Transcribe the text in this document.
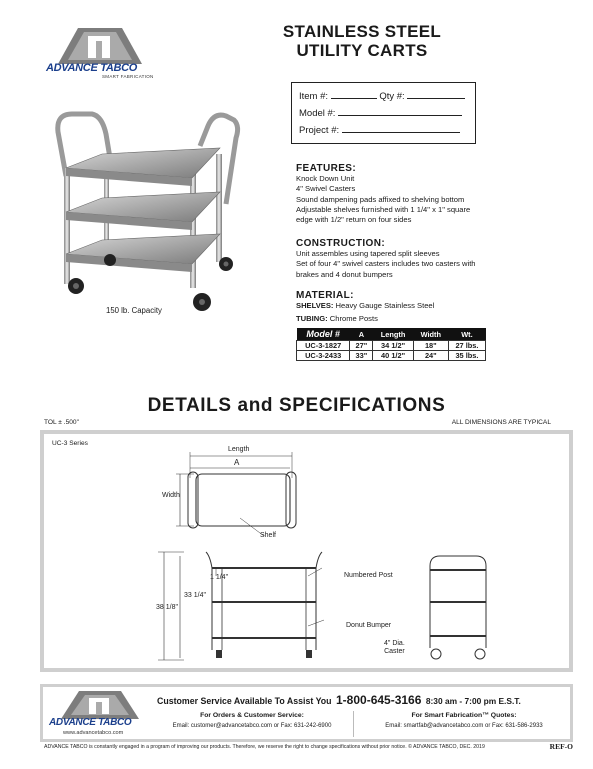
ADVANCE TABCO
SMART FABRICATION
STAINLESS STEEL
UTILITY CARTS
Item #:	Qty #:
Model #:
Project #:
150 lb. Capacity
FEATURES:
Knock Down Unit
4" Swivel Casters
Sound dampening pads affixed to shelving bottom
Adjustable shelves furnished with 1 1/4" x 1" square
edge with 1/2" return on four sides
CONSTRUCTION:
Unit assembles using tapered split sleeves
Set of four 4" swivel casters includes two casters with
brakes and 4 donut bumpers
MATERIAL:
SHELVES: Heavy Gauge Stainless Steel
TUBING: Chrome Posts
Model #	A	Length	Width	Wt.
UC-3-1827	27"	34 1/2"	18"	27 lbs.
UC-3-2433	33"	40 1/2"	24"	35 lbs.
DETAILS and SPECIFICATIONS
TOL ± .500"	ALL DIMENSIONS ARE TYPICAL
UC-3 Series
Length
A
Width
Shelf
1 1/4"
33 1/4"
38 1/8"
Numbered Post
Donut Bumper
4" Dia.
Caster
ADVANCE TABCO
www.advancetabco.com
Customer Service Available To Assist You 1-800-645-3166 8:30 am - 7:00 pm E.S.T.
For Orders & Customer Service:
Email: customer@advancetabco.com or Fax: 631-242-6900
For Smart Fabrication™ Quotes:
Email: smartfab@advancetabco.com or Fax: 631-586-2933
ADVANCE TABCO is constantly engaged in a program of improving our products. Therefore, we reserve the right to change specifications without prior notice. © ADVANCE TABCO, DEC. 2019	REF-O
